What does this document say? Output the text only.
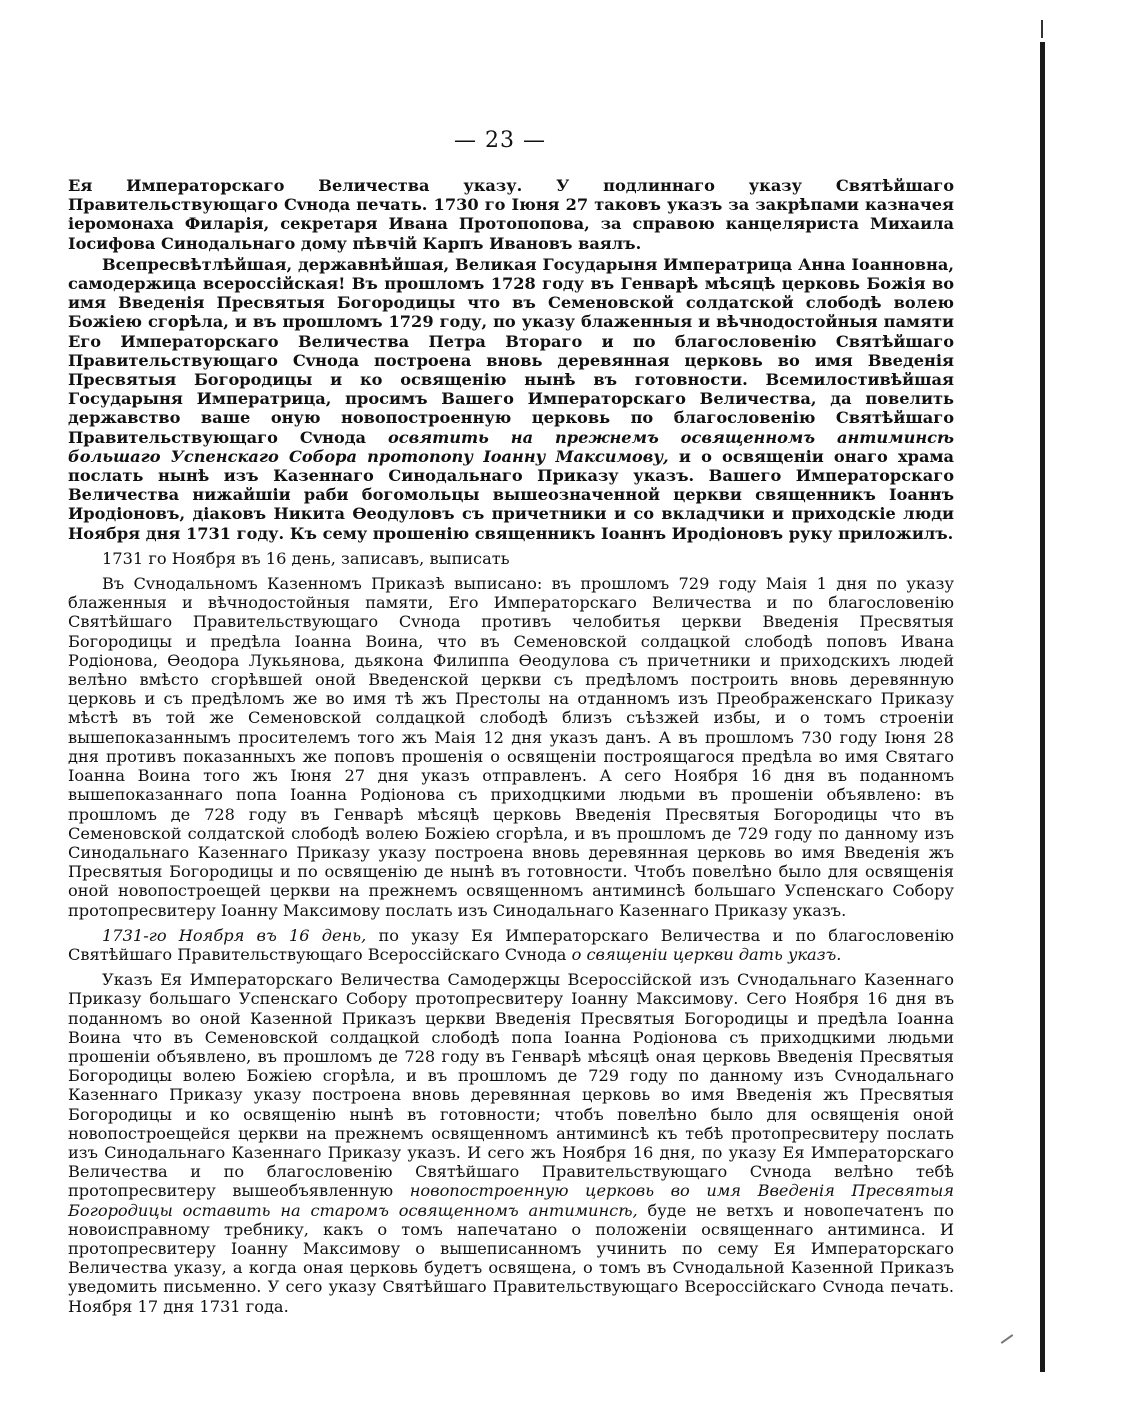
— 23 —

Ея Императорскаго Величества указу. У подлиннаго указу Святѣйшаго Правительствующаго Сvнода печать. 1730 го Іюня 27 таковъ указъ за закрѣпами казначея іеромонаха Филарія, секретаря Ивана Протопопова, за справою канцеляриста Михаила Іосифова Синодальнаго дому пѣвчій Карпъ Ивановъ ваялъ.

Всепресвѣтлѣйшая, державнѣйшая, Великая Государыня Императрица Анна Іоанновна, самодержица всероссійская! Въ прошломъ 1728 году въ Генварѣ мѣсяцѣ церковь Божія во имя Введенія Пресвятыя Богородицы что въ Семеновской солдатской слободѣ волею Божіею сгорѣла, и въ прошломъ 1729 году, по указу блаженныя и вѣчнодостойныя памяти Его Императорскаго Величества Петра Втораго и по благословенію Святѣйшаго Правительствующаго Сvнода построена вновь деревянная церковь во имя Введенія Пресвятыя Богородицы и ко освященію нынѣ въ готовности. Всемилостивѣйшая Государыня Императрица, просимъ Вашего Императорскаго Величества, да повелить державство ваше оную новопостроенную церковь по благословенію Святѣйшаго Правительствующаго Сvнода освятить на прежнемъ освященномъ антиминсѣ большаго Успенскаго Собора протопопу Іоанну Максимову, и о освященіи онаго храма послать нынѣ изъ Казеннаго Синодальнаго Приказу указъ. Вашего Императорскаго Величества нижайшіи раби богомольцы вышеозначенной церкви священникъ Іоаннъ Иродіоновъ, діаковъ Никита Ѳеодуловъ съ причетники и со вкладчики и приходскіе люди Ноября дня 1731 году. Къ сему прошенію священникъ Іоаннъ Иродіоновъ руку приложилъ.

1731 го Ноября въ 16 день, записавъ, выписать

Въ Сvнодальномъ Казенномъ Приказѣ выписано: въ прошломъ 729 году Маія 1 дня по указу блаженныя и вѣчнодостойныя памяти, Его Императорскаго Величества и по благословенію Святѣйшаго Правительствующаго Сvнода противъ челобитья церкви Введенія Пресвятыя Богородицы и предѣла Іоанна Воина, что въ Семеновской солдацкой слободѣ поповъ Ивана Родіонова, Ѳеодора Лукьянова, дьякона Филиппа Ѳеодулова съ причетники и приходскихъ людей велѣно вмѣсто сгорѣвшей оной Введенской церкви съ предѣломъ построить вновь деревянную церковь и съ предѣломъ же во имя тѣ жъ Престолы на отданномъ изъ Преображенскаго Приказу мѣстѣ въ той же Семеновской солдацкой слободѣ близъ съѣзжей избы, и о томъ строеніи вышепоказаннымъ просителемъ того жъ Маія 12 дня указъ данъ. А въ прошломъ 730 году Іюня 28 дня противъ показанныхъ же поповъ прошенія о освященіи построящагося предѣла во имя Святаго Іоанна Воина того жъ Іюня 27 дня указъ отправленъ. А сего Ноября 16 дня въ поданномъ вышепоказаннаго попа Іоанна Родіонова съ приходцкими людьми въ прошеніи объявлено: въ прошломъ де 728 году въ Генварѣ мѣсяцѣ церковь Введенія Пресвятыя Богородицы что въ Семеновской солдатской слободѣ волею Божіею сгорѣла, и въ прошломъ де 729 году по данному изъ Синодальнаго Казеннаго Приказу указу построена вновь деревянная церковь во имя Введенія жъ Пресвятыя Богородицы и по освященію де нынѣ въ готовности. Чтобъ повелѣно было для освященія оной новопостроещей церкви на прежнемъ освященномъ антиминсѣ большаго Успенскаго Собору протопресвитеру Іоанну Максимову послать изъ Синодальнаго Казеннаго Приказу указъ.

1731-го Ноября въ 16 день, по указу Ея Императорскаго Величества и по благословенію Святѣйшаго Правительствующаго Всероссійскаго Сvнода о священіи церкви дать указъ.

Указъ Ея Императорскаго Величества Самодержцы Всероссійской изъ Сvнодальнаго Казеннаго Приказу большаго Успенскаго Собору протопресвитеру Іоанну Максимову. Сего Ноября 16 дня въ поданномъ во оной Казенной Приказъ церкви Введенія Пресвятыя Богородицы и предѣла Іоанна Воина что въ Семеновской солдацкой слободѣ попа Іоанна Родіонова съ приходцкими людьми прошеніи объявлено, въ прошломъ де 728 году въ Генварѣ мѣсяцѣ оная церковь Введенія Пресвятыя Богородицы волею Божіею сгорѣла, и въ прошломъ де 729 году по данному изъ Сvнодальнаго Казеннаго Приказу указу построена вновь деревянная церковь во имя Введенія жъ Пресвятыя Богородицы и ко освященію нынѣ въ готовности; чтобъ повелѣно было для освященія оной новопостроещейся церкви на прежнемъ освященномъ антиминсѣ къ тебѣ протопресвитеру послать изъ Синодальнаго Казеннаго Приказу указъ. И сего жъ Ноября 16 дня, по указу Ея Императорскаго Величества и по благословенію Святѣйшаго Правительствующаго Сvнода велѣно тебѣ протопресвитеру вышеобъявленную новопостроенную церковь во имя Введенія Пресвятыя Богородицы оставить на старомъ освященномъ антиминсѣ, буде не ветхъ и новопечатенъ по новоисправному требнику, какъ о томъ напечатано о положеніи освященнаго антиминса. И протопресвитеру Іоанну Максимову о вышеписанномъ учинить по сему Ея Императорскаго Величества указу, а когда оная церковь будетъ освящена, о томъ въ Сvнодальной Казенной Приказъ уведомить письменно. У сего указу Святѣйшаго Правительствующаго Всероссійскаго Сvнода печать. Ноября 17 дня 1731 года.
